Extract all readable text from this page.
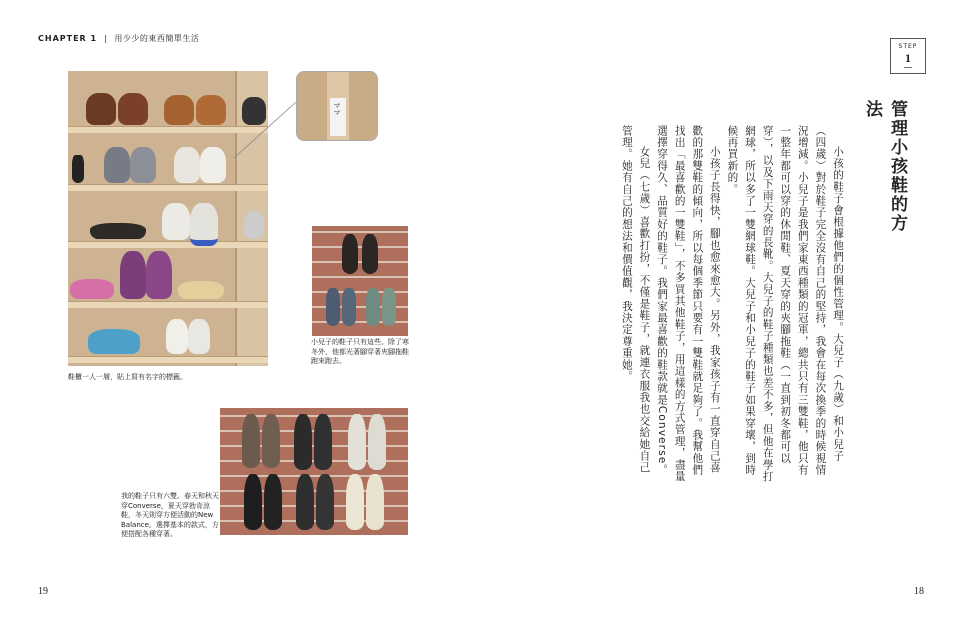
CHAPTER 1 | 用少少的東西簡單生活
STEP
1
管理小孩鞋的方法

小孩的鞋子會根據他們的個性管理。大兒子（九歲）和小兒子（四歲）對於鞋子完全沒有自己的堅持，我會在每次換季的時候視情況增減。小兒子是我們家東西種類的冠軍，總共只有三雙鞋，他只有一整年都可以穿的休閒鞋、夏天穿的夾腳拖鞋（一直到初冬都可以穿），以及下雨天穿的長靴。大兒子的鞋子種類也差不多，但他在學打網球，所以多了一雙網球鞋。大兒子和小兒子的鞋子如果穿壞，到時候再買新的。

小孩子長得快，腳也愈來愈大。另外，我家孩子有一直穿自己喜歡的那雙鞋的傾向，所以每個季節只要有一雙鞋就足夠了。我幫他們找出「最喜歡的一雙鞋」，不多買其他鞋子，用這樣的方式管理，盡量選擇穿得久、品質好的鞋子。我們家最喜歡的鞋款就是Converse。

女兒（七歲）喜歡打扮，不僅是鞋子，就連衣服我也交給她自己管理。她有自己的想法和價值觀，我決定尊重她。

ママ
鞋櫃一人一層，貼上寫有名字的標籤。
小兒子的鞋子只有這些。除了寒冬外，他都光著腳穿著夾腳拖鞋跑來跑去。
我的鞋子只有六雙。春天和秋天穿Converse，夏天穿勃肯涼鞋，冬天則穿方便活動的New Balance。選擇基本的款式，方便搭配各種穿著。
19	18
